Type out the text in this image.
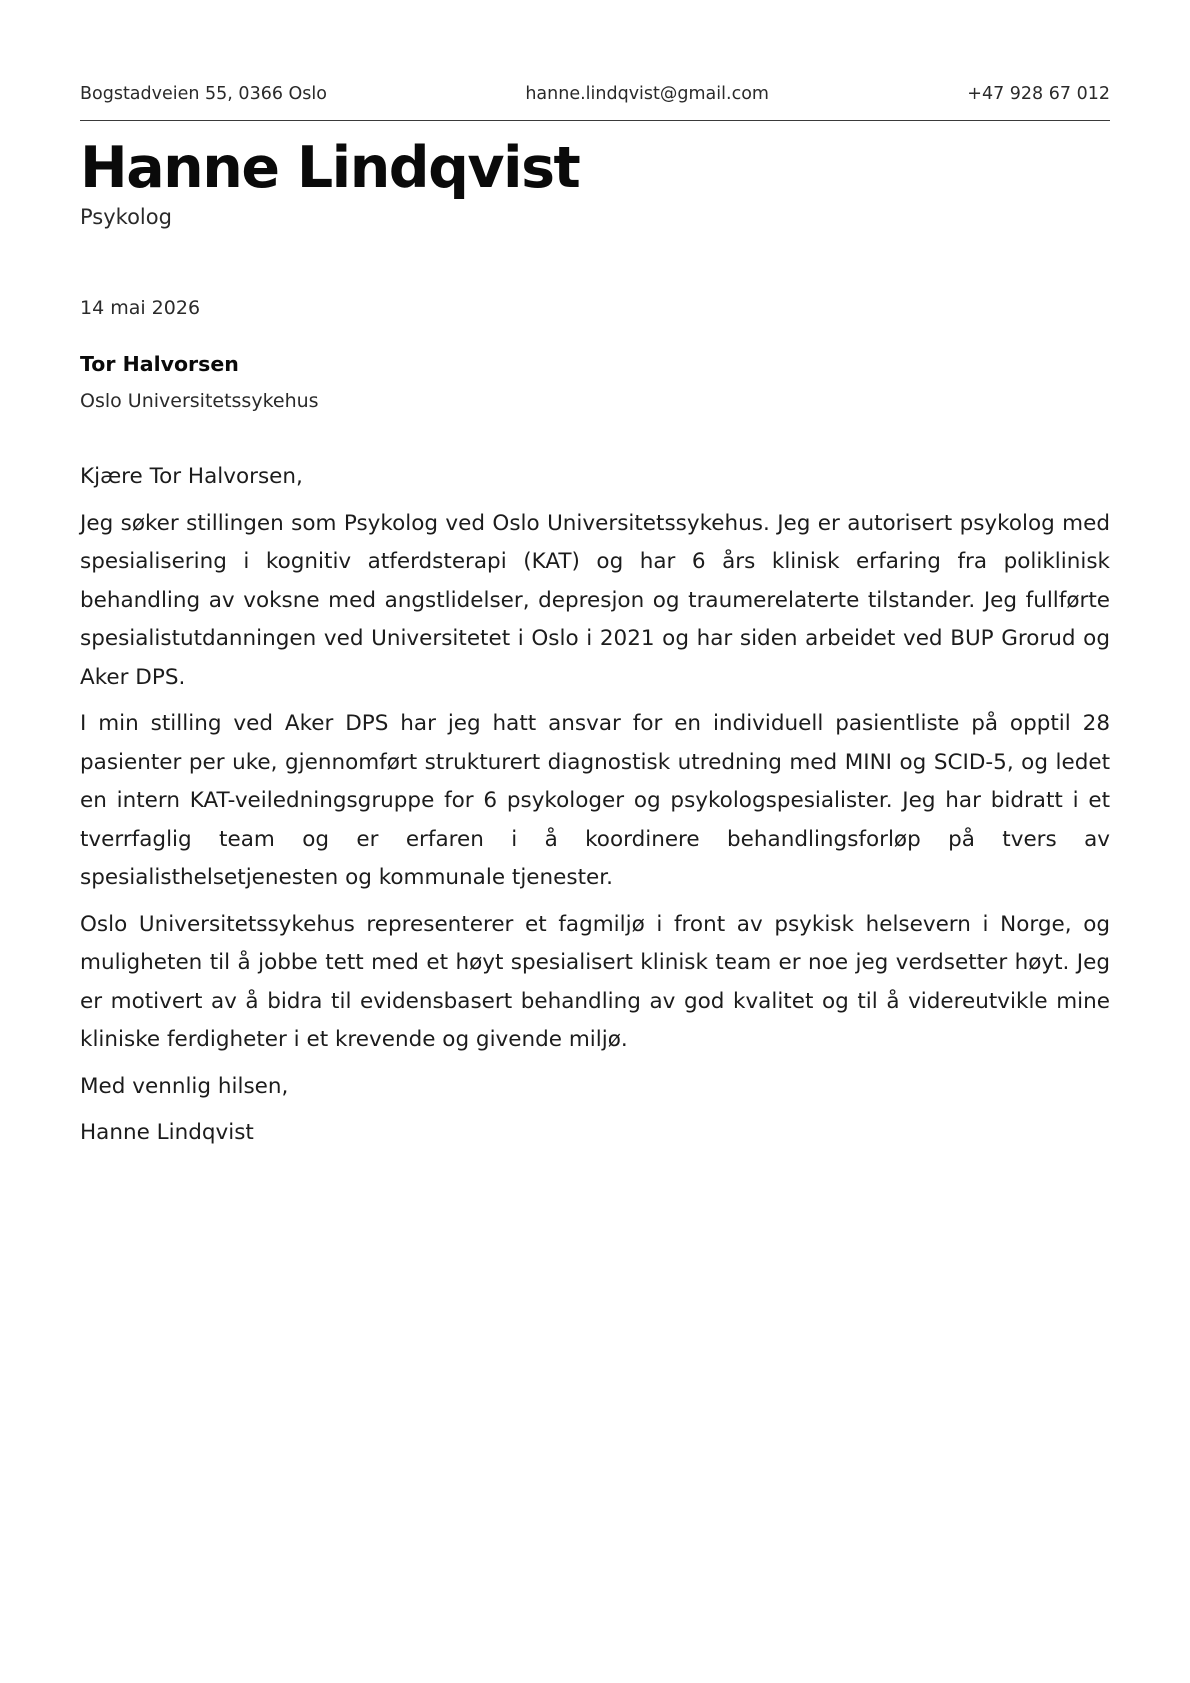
Bogstadveien 55, 0366 Oslo	hanne.lindqvist@gmail.com	+47 928 67 012
Hanne Lindqvist
Psykolog
14 mai 2026
Tor Halvorsen
Oslo Universitetssykehus

Kjære Tor Halvorsen,

Jeg søker stillingen som Psykolog ved Oslo Universitetssykehus. Jeg er autorisert psykolog med spesialisering i kognitiv atferdsterapi (KAT) og har 6 års klinisk erfaring fra poliklinisk behandling av voksne med angstlidelser, depresjon og traumerelaterte tilstander. Jeg fullførte spesialistutdanningen ved Universitetet i Oslo i 2021 og har siden arbeidet ved BUP Grorud og Aker DPS.

I min stilling ved Aker DPS har jeg hatt ansvar for en individuell pasientliste på opptil 28 pasienter per uke, gjennomført strukturert diagnostisk utredning med MINI og SCID-5, og ledet en intern KAT-veiledningsgruppe for 6 psykologer og psykologspesialister. Jeg har bidratt i et tverrfaglig team og er erfaren i å koordinere behandlingsforløp på tvers av spesialisthelsetjenesten og kommunale tjenester.

Oslo Universitetssykehus representerer et fagmiljø i front av psykisk helsevern i Norge, og muligheten til å jobbe tett med et høyt spesialisert klinisk team er noe jeg verdsetter høyt. Jeg er motivert av å bidra til evidensbasert behandling av god kvalitet og til å videreutvikle mine kliniske ferdigheter i et krevende og givende miljø.

Med vennlig hilsen,

Hanne Lindqvist
